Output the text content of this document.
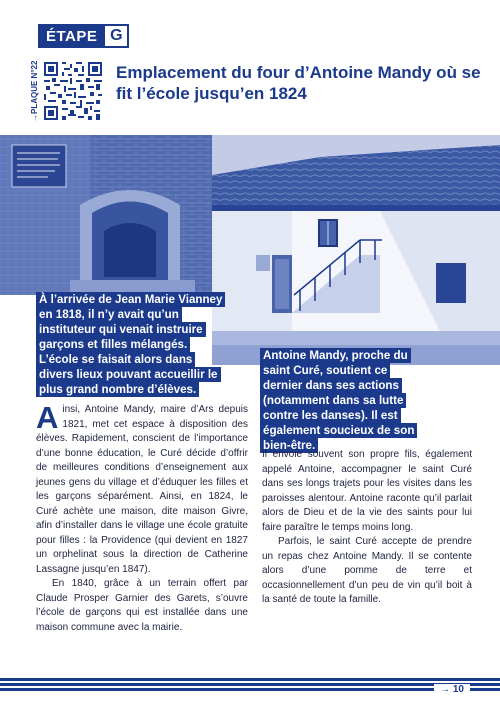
ÉTAPE G
→PLAQUE N°22	Emplacement du four d’Antoine Mandy où se fit l’école jusqu’en 1824
À l’arrivée de Jean Marie Vianney en 1818, il n’y avait qu’un instituteur qui venait instruire garçons et filles mélangés. L’école se faisait alors dans divers lieux pouvant accueillir le plus grand nombre d’élèves.
Antoine Mandy, proche du saint Curé, soutient ce dernier dans ses actions (notamment dans sa lutte contre les danses). Il est également soucieux de son bien-être.

Ainsi, Antoine Mandy, maire d’Ars depuis 1821, met cet espace à disposition des élèves. Rapidement, conscient de l’importance d’une bonne éducation, le Curé décide d’offrir de meilleures conditions d’enseignement aux jeunes gens du village et d’éduquer les filles et les garçons séparément. Ainsi, en 1824, le Curé achète une maison, dite maison Givre, afin d’installer dans le village une école gratuite pour filles : la Providence (qui devient en 1827 un orphelinat sous la direction de Catherine Lassagne jusqu’en 1847).

En 1840, grâce à un terrain offert par Claude Prosper Garnier des Garets, s’ouvre l’école de garçons qui est installée dans une maison commune avec la mairie.

Il envoie souvent son propre fils, également appelé Antoine, accompagner le saint Curé dans ses longs trajets pour les visites dans les paroisses alentour. Antoine raconte qu’il parlait alors de Dieu et de la vie des saints pour lui faire paraître le temps moins long.

Parfois, le saint Curé accepte de prendre un repas chez Antoine Mandy. Il se contente alors d’une pomme de terre et occasionnellement d’un peu de vin qu’il boit à la santé de toute la famille.

→ 10
